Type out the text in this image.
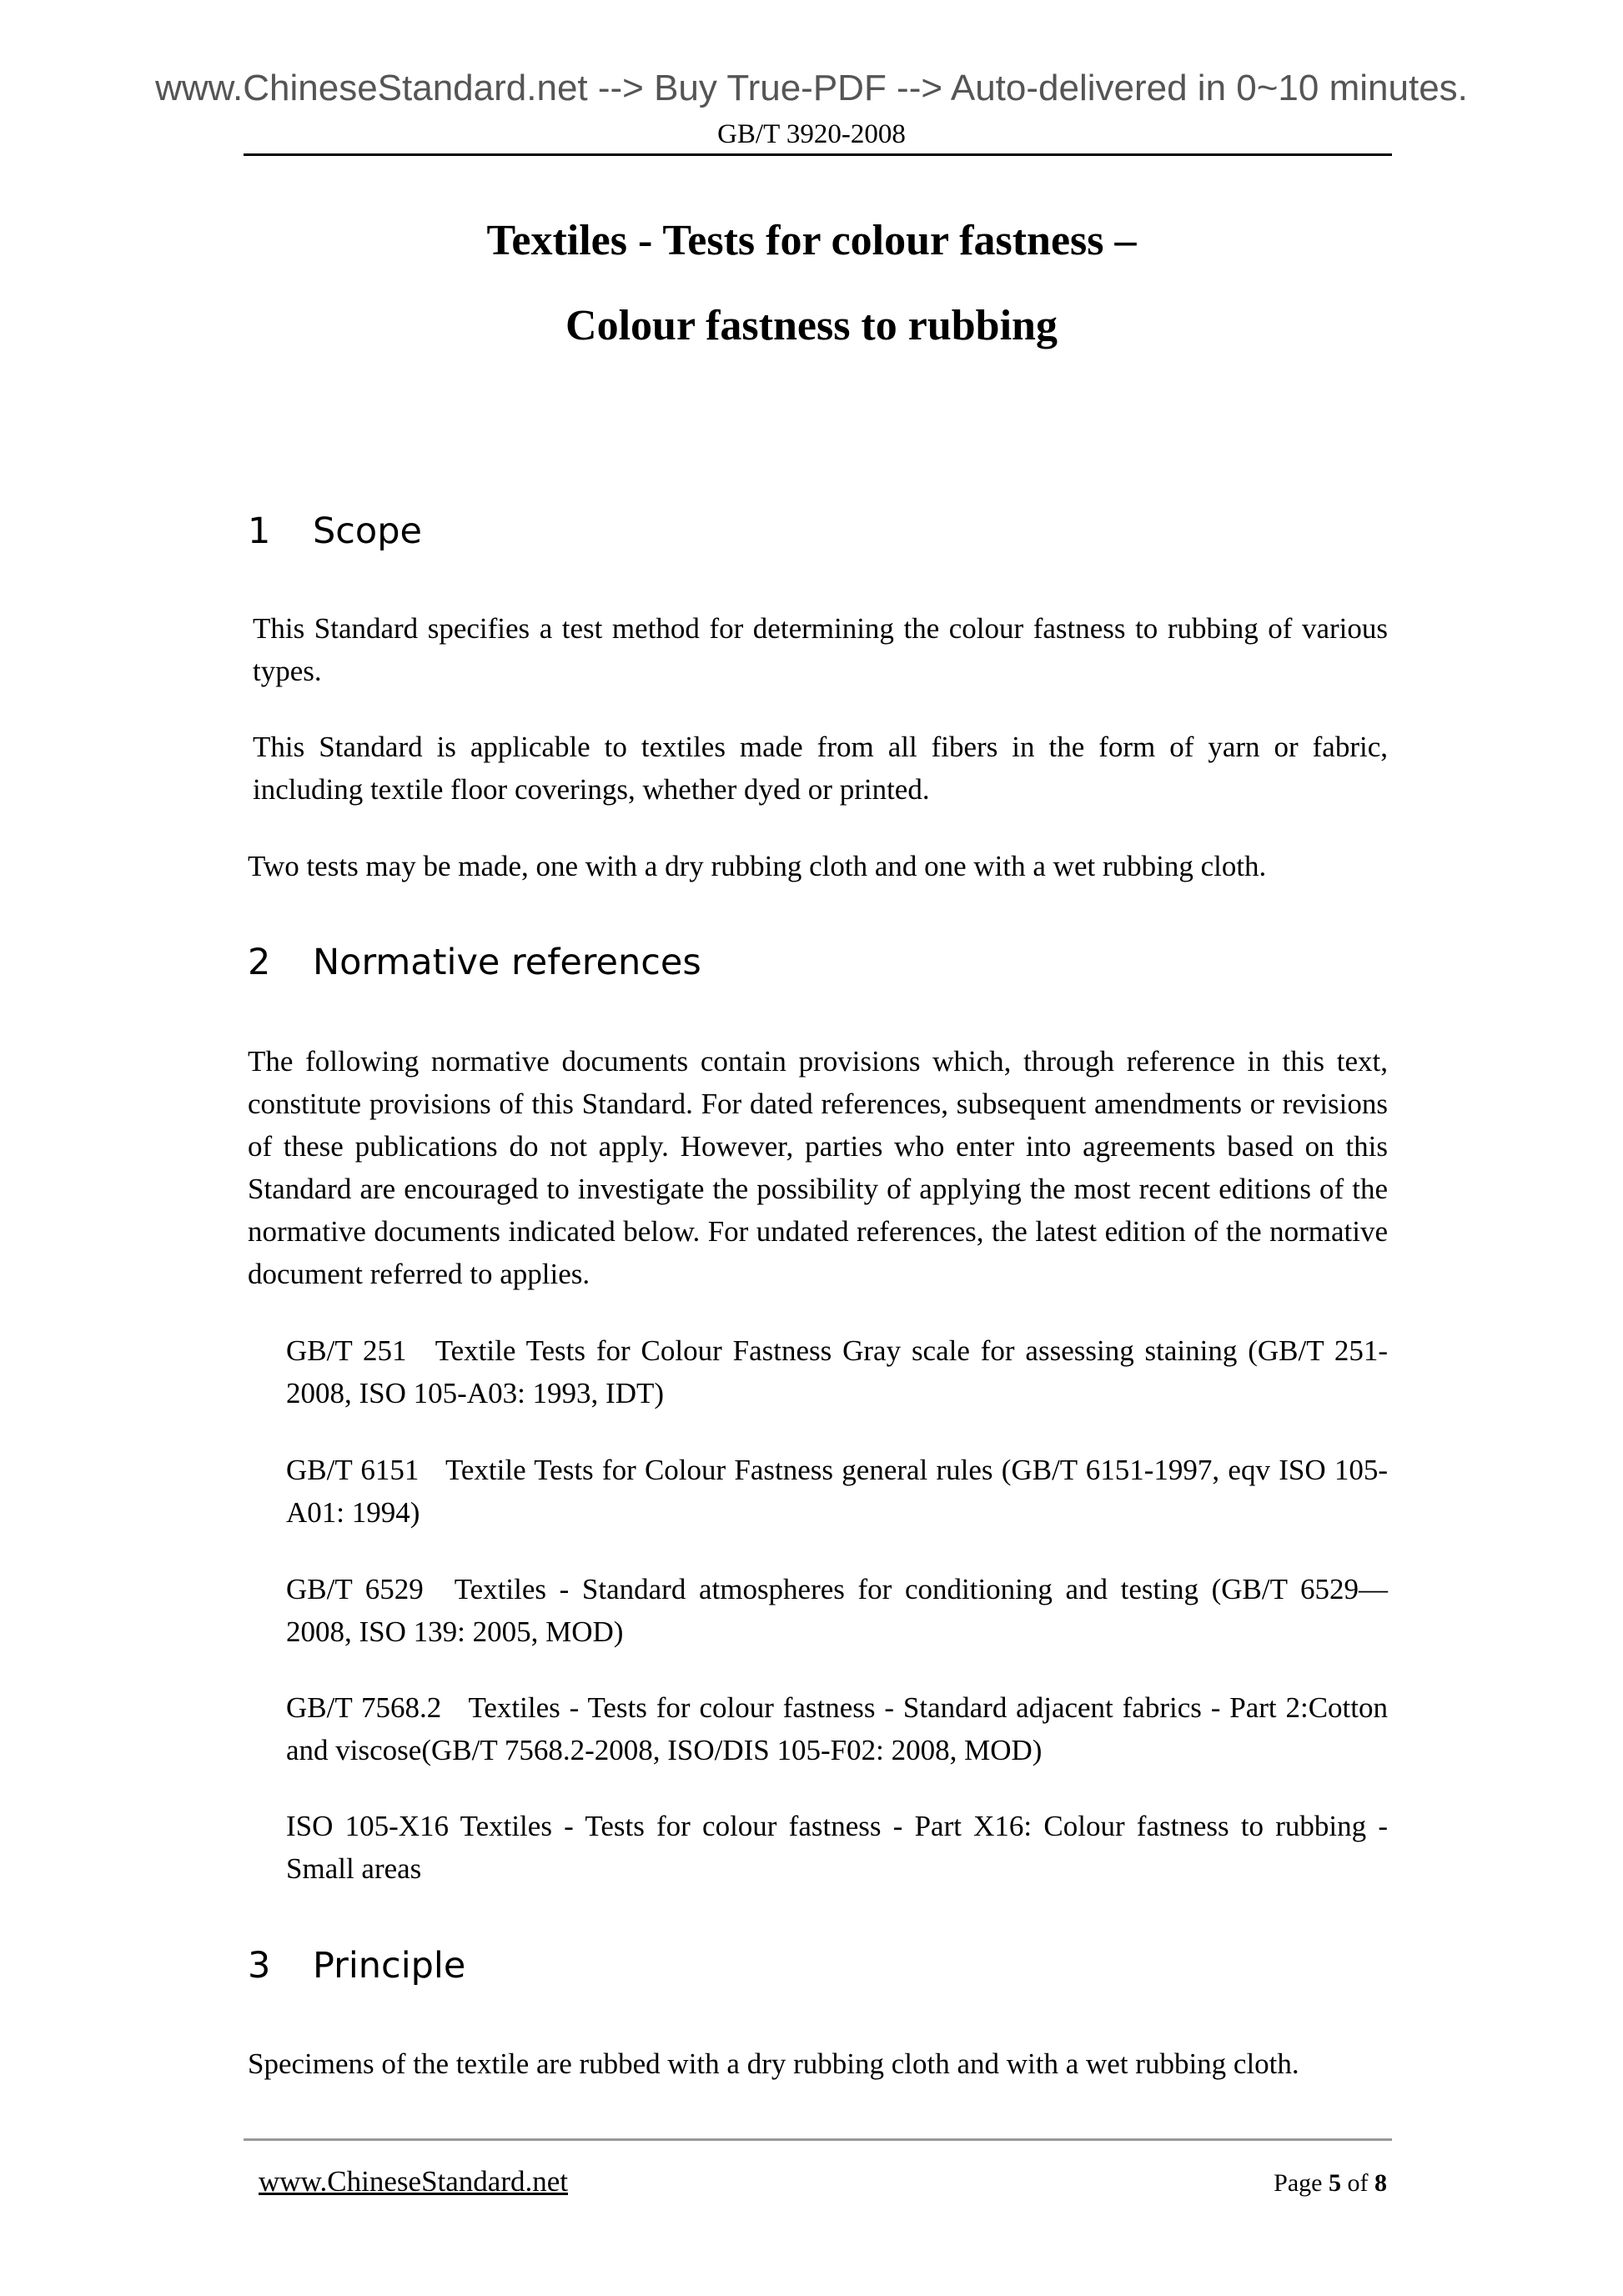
www.ChineseStandard.net --> Buy True-PDF --> Auto-delivered in 0~10 minutes.
GB/T 3920-2008
Textiles - Tests for colour fastness –
Colour fastness to rubbing
1 Scope
This Standard specifies a test method for determining the colour fastness to rubbing of various types.
This Standard is applicable to textiles made from all fibers in the form of yarn or fabric, including textile floor coverings, whether dyed or printed.
Two tests may be made, one with a dry rubbing cloth and one with a wet rubbing cloth.
2 Normative references
The following normative documents contain provisions which, through reference in this text, constitute provisions of this Standard. For dated references, subsequent amendments or revisions of these publications do not apply. However, parties who enter into agreements based on this Standard are encouraged to investigate the possibility of applying the most recent editions of the normative documents indicated below. For undated references, the latest edition of the normative document referred to applies.
GB/T 251 Textile Tests for Colour Fastness Gray scale for assessing staining (GB/T 251-2008, ISO 105-A03: 1993, IDT)
GB/T 6151 Textile Tests for Colour Fastness general rules (GB/T 6151-1997, eqv ISO 105-A01: 1994)
GB/T 6529 Textiles - Standard atmospheres for conditioning and testing (GB/T 6529—2008, ISO 139: 2005, MOD)
GB/T 7568.2 Textiles - Tests for colour fastness - Standard adjacent fabrics - Part 2:Cotton and viscose(GB/T 7568.2-2008, ISO/DIS 105-F02: 2008, MOD)
ISO 105-X16 Textiles - Tests for colour fastness - Part X16: Colour fastness to rubbing - Small areas
3 Principle
Specimens of the textile are rubbed with a dry rubbing cloth and with a wet rubbing cloth.
www.ChineseStandard.net	Page 5 of 8
